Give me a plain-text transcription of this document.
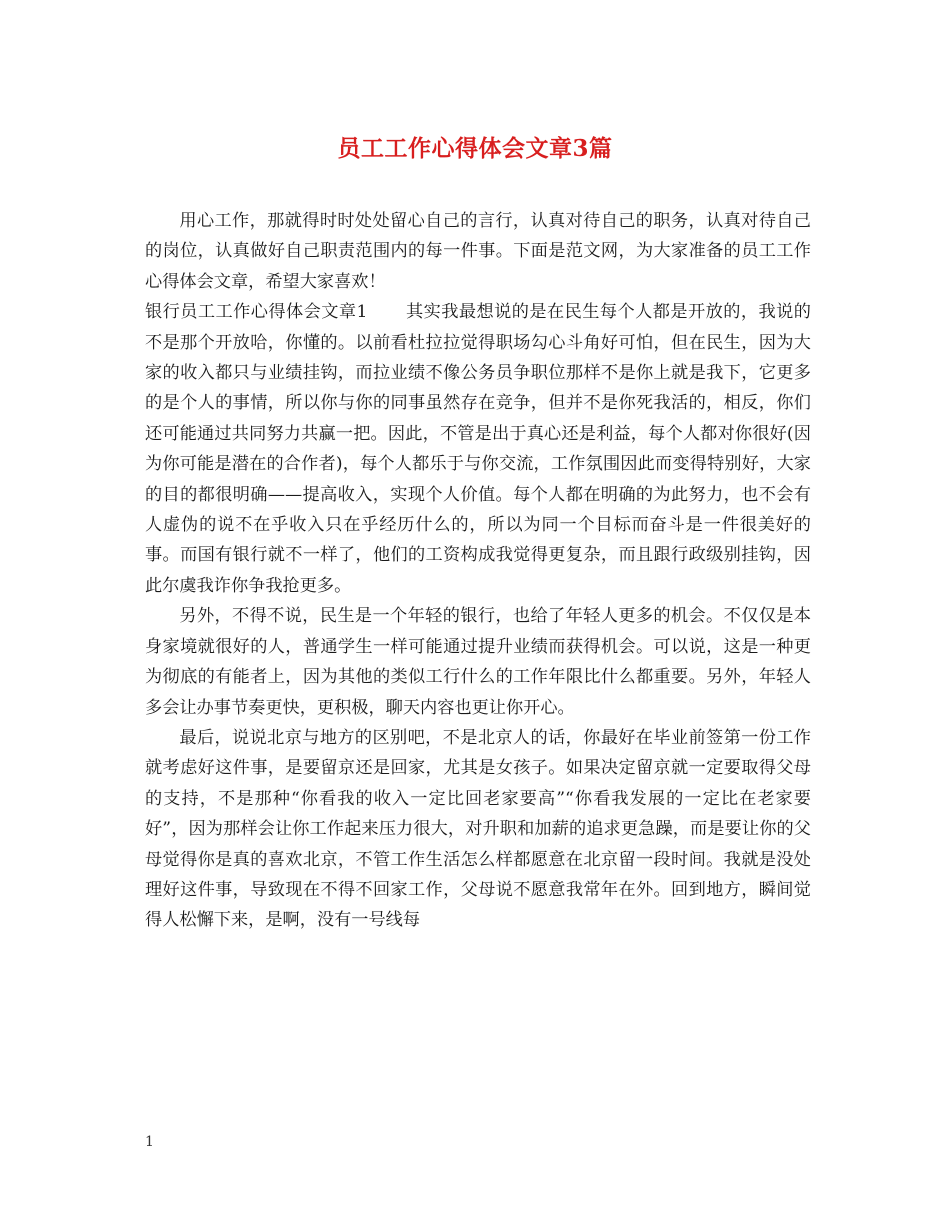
员工工作心得体会文章3篇

用心工作，那就得时时处处留心自己的言行，认真对待自己的职务，认真对待自己的岗位，认真做好自己职责范围内的每一件事。下面是范文网，为大家准备的员工工作心得体会文章，希望大家喜欢！

银行员工工作心得体会文章1 其实我最想说的是在民生每个人都是开放的，我说的不是那个开放哈，你懂的。以前看杜拉拉觉得职场勾心斗角好可怕，但在民生，因为大家的收入都只与业绩挂钩，而拉业绩不像公务员争职位那样不是你上就是我下，它更多的是个人的事情，所以你与你的同事虽然存在竞争，但并不是你死我活的，相反，你们还可能通过共同努力共赢一把。因此，不管是出于真心还是利益，每个人都对你很好(因为你可能是潜在的合作者)，每个人都乐于与你交流，工作氛围因此而变得特别好，大家的目的都很明确——提高收入，实现个人价值。每个人都在明确的为此努力，也不会有人虚伪的说不在乎收入只在乎经历什么的，所以为同一个目标而奋斗是一件很美好的事。而国有银行就不一样了，他们的工资构成我觉得更复杂，而且跟行政级别挂钩，因此尔虞我诈你争我抢更多。

另外，不得不说，民生是一个年轻的银行，也给了年轻人更多的机会。不仅仅是本身家境就很好的人，普通学生一样可能通过提升业绩而获得机会。可以说，这是一种更为彻底的有能者上，因为其他的类似工行什么的工作年限比什么都重要。另外，年轻人多会让办事节奏更快，更积极，聊天内容也更让你开心。

最后，说说北京与地方的区别吧，不是北京人的话，你最好在毕业前签第一份工作就考虑好这件事，是要留京还是回家，尤其是女孩子。如果决定留京就一定要取得父母的支持，不是那种“你看我的收入一定比回老家要高”“你看我发展的一定比在老家要好”，因为那样会让你工作起来压力很大，对升职和加薪的追求更急躁，而是要让你的父母觉得你是真的喜欢北京，不管工作生活怎么样都愿意在北京留一段时间。我就是没处理好这件事，导致现在不得不回家工作，父母说不愿意我常年在外。回到地方，瞬间觉得人松懈下来，是啊，没有一号线每

1
